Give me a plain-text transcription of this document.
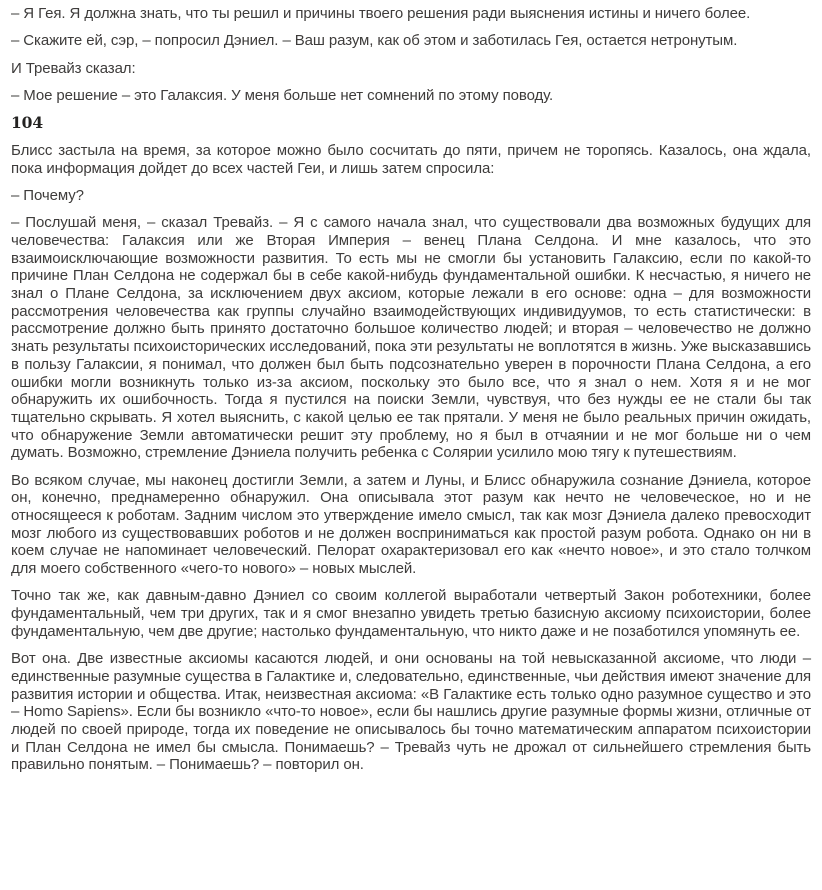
– Я Гея. Я должна знать, что ты решил и причины твоего решения ради выяснения истины и ничего более.

– Скажите ей, сэр, – попросил Дэниел. – Ваш разум, как об этом и заботилась Гея, остается нетронутым.

И Тревайз сказал:

– Мое решение – это Галаксия. У меня больше нет сомнений по этому поводу.

104

Блисс застыла на время, за которое можно было сосчитать до пяти, причем не торопясь. Казалось, она ждала, пока информация дойдет до всех частей Геи, и лишь затем спросила:

– Почему?

– Послушай меня, – сказал Тревайз. – Я с самого начала знал, что существовали два возможных будущих для человечества: Галаксия или же Вторая Империя – венец Плана Селдона. И мне казалось, что это взаимоисключающие возможности развития. То есть мы не смогли бы установить Галаксию, если по какой-то причине План Селдона не содержал бы в себе какой-нибудь фундаментальной ошибки. К несчастью, я ничего не знал о Плане Селдона, за исключением двух аксиом, которые лежали в его основе: одна – для возможности рассмотрения человечества как группы случайно взаимодействующих индивидуумов, то есть статистически: в рассмотрение должно быть принято достаточно большое количество людей; и вторая – человечество не должно знать результаты психоисторических исследований, пока эти результаты не воплотятся в жизнь. Уже высказавшись в пользу Галаксии, я понимал, что должен был быть подсознательно уверен в порочности Плана Селдона, а его ошибки могли возникнуть только из-за аксиом, поскольку это было все, что я знал о нем. Хотя я и не мог обнаружить их ошибочность. Тогда я пустился на поиски Земли, чувствуя, что без нужды ее не стали бы так тщательно скрывать. Я хотел выяснить, с какой целью ее так прятали. У меня не было реальных причин ожидать, что обнаружение Земли автоматически решит эту проблему, но я был в отчаянии и не мог больше ни о чем думать. Возможно, стремление Дэниела получить ребенка с Солярии усилило мою тягу к путешествиям.

Во всяком случае, мы наконец достигли Земли, а затем и Луны, и Блисс обнаружила сознание Дэниела, которое он, конечно, преднамеренно обнаружил. Она описывала этот разум как нечто не человеческое, но и не относящееся к роботам. Задним числом это утверждение имело смысл, так как мозг Дэниела далеко превосходит мозг любого из существовавших роботов и не должен восприниматься как простой разум робота. Однако он ни в коем случае не напоминает человеческий. Пелорат охарактеризовал его как «нечто новое», и это стало толчком для моего собственного «чего-то нового» – новых мыслей.

Точно так же, как давным-давно Дэниел со своим коллегой выработали четвертый Закон роботехники, более фундаментальный, чем три других, так и я смог внезапно увидеть третью базисную аксиому психоистории, более фундаментальную, чем две другие; настолько фундаментальную, что никто даже и не позаботился упомянуть ее.

Вот она. Две известные аксиомы касаются людей, и они основаны на той невысказанной аксиоме, что люди – единственные разумные существа в Галактике и, следовательно, единственные, чьи действия имеют значение для развития истории и общества. Итак, неизвестная аксиома: «В Галактике есть только одно разумное существо и это – Homo Sapiens». Если бы возникло «что-то новое», если бы нашлись другие разумные формы жизни, отличные от людей по своей природе, тогда их поведение не описывалось бы точно математическим аппаратом психоистории и План Селдона не имел бы смысла. Понимаешь? – Тревайз чуть не дрожал от сильнейшего стремления быть правильно понятым. – Понимаешь? – повторил он.
